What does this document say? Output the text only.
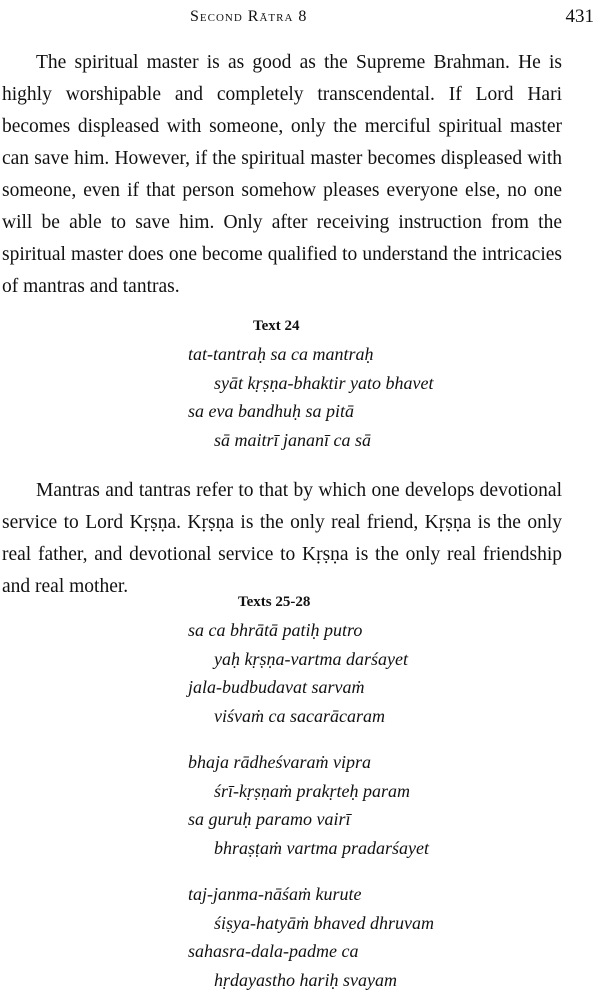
Second Rātra 8	431

The spiritual master is as good as the Supreme Brahman. He is highly worshipable and completely transcendental. If Lord Hari becomes displeased with someone, only the merciful spiritual master can save him. However, if the spiritual master becomes displeased with someone, even if that person somehow pleases everyone else, no one will be able to save him. Only after receiving instruction from the spiritual master does one become qualified to understand the intricacies of mantras and tantras.

Text 24
tat-tantraḥ sa ca mantraḥ
syāt kṛṣṇa-bhaktir yato bhavet
sa eva bandhuḥ sa pitā
sā maitrī jananī ca sā

Mantras and tantras refer to that by which one develops devotional service to Lord Kṛṣṇa. Kṛṣṇa is the only real friend, Kṛṣṇa is the only real father, and devotional service to Kṛṣṇa is the only real friendship and real mother.

Texts 25-28
sa ca bhrātā patiḥ putro
yaḥ kṛṣṇa-vartma darśayet
jala-budbudavat sarvaṁ
viśvaṁ ca sacarācaram
bhaja rādheśvaraṁ vipra
śrī-kṛṣṇaṁ prakṛteḥ param
sa guruḥ paramo vairī
bhraṣṭaṁ vartma pradarśayet
taj-janma-nāśaṁ kurute
śiṣya-hatyāṁ bhaved dhruvam
sahasra-dala-padme ca
hṛdayastho hariḥ svayam
